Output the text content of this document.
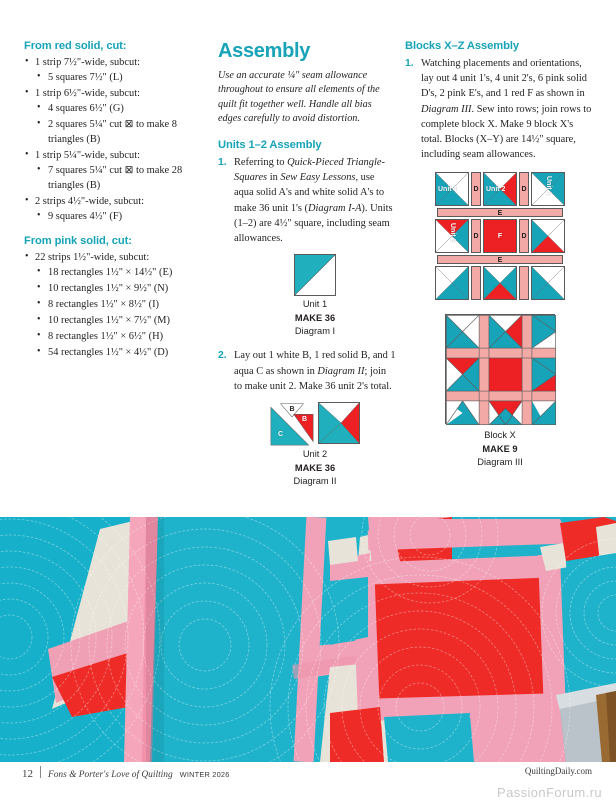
From red solid, cut:
• 1 strip 7½"-wide, subcut:
• 5 squares 7½" (L)
• 1 strip 6½"-wide, subcut:
• 4 squares 6½" (G)
• 2 squares 5¼" cut ⊠ to make 8 triangles (B)
• 1 strip 5¼"-wide, subcut:
• 7 squares 5¼" cut ⊠ to make 28 triangles (B)
• 2 strips 4½"-wide, subcut:
• 9 squares 4½" (F)
From pink solid, cut:
• 22 strips 1½"-wide, subcut:
• 18 rectangles 1½" × 14½" (E)
• 10 rectangles 1½" × 9½" (N)
• 8 rectangles 1½" × 8½" (I)
• 10 rectangles 1½" × 7½" (M)
• 8 rectangles 1½" × 6½" (H)
• 54 rectangles 1½" × 4½" (D)
Assembly

Use an accurate ¼" seam allowance throughout to ensure all elements of the quilt fit together well. Handle all bias edges carefully to avoid distortion.

Units 1–2 Assembly
1. Referring to Quick-Pieced Triangle-Squares in Sew Easy Lessons, use aqua solid A's and white solid A's to make 36 unit 1's (Diagram I-A). Units (1–2) are 4½" square, including seam allowances.
Unit 1
MAKE 36
Diagram I
2. Lay out 1 white B, 1 red solid B, and 1 aqua C as shown in Diagram II; join to make unit 2. Make 36 unit 2's total.
B
B
C
Unit 2
MAKE 36
Diagram II
Blocks X–Z Assembly
1. Watching placements and orientations, lay out 4 unit 1's, 4 unit 2's, 6 pink solid D's, 2 pink E's, and 1 red F as shown in Diagram III. Sew into rows; join rows to complete block X. Make 9 block X's total. Blocks (X–Y) are 14½" square, including seam allowances.
Unit 1 D Unit 2 D	Unit 1
E
Unit 2 D	F	D
E
Block X
MAKE 9
Diagram III
12 Fons & Porter's Love of Quilting WINTER 2026	QuiltingDaily.com
PassionForum.ru
